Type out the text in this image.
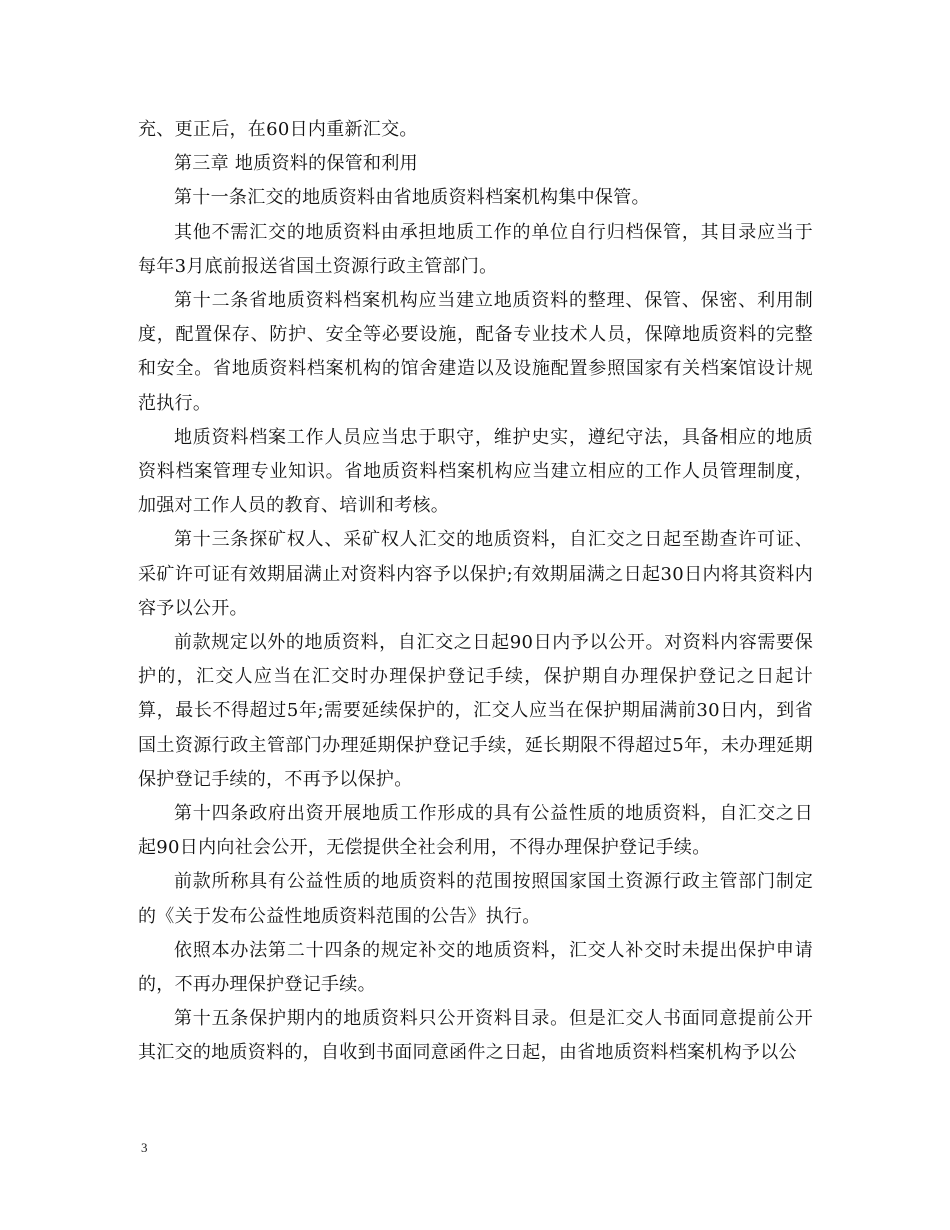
充、更正后，在60日内重新汇交。

第三章 地质资料的保管和利用

第十一条汇交的地质资料由省地质资料档案机构集中保管。

其他不需汇交的地质资料由承担地质工作的单位自行归档保管，其目录应当于每年3月底前报送省国土资源行政主管部门。

第十二条省地质资料档案机构应当建立地质资料的整理、保管、保密、利用制度，配置保存、防护、安全等必要设施，配备专业技术人员，保障地质资料的完整和安全。省地质资料档案机构的馆舍建造以及设施配置参照国家有关档案馆设计规范执行。

地质资料档案工作人员应当忠于职守，维护史实，遵纪守法，具备相应的地质资料档案管理专业知识。省地质资料档案机构应当建立相应的工作人员管理制度，加强对工作人员的教育、培训和考核。

第十三条探矿权人、采矿权人汇交的地质资料，自汇交之日起至勘查许可证、采矿许可证有效期届满止对资料内容予以保护;有效期届满之日起30日内将其资料内容予以公开。

前款规定以外的地质资料，自汇交之日起90日内予以公开。对资料内容需要保护的，汇交人应当在汇交时办理保护登记手续，保护期自办理保护登记之日起计算，最长不得超过5年;需要延续保护的，汇交人应当在保护期届满前30日内，到省国土资源行政主管部门办理延期保护登记手续，延长期限不得超过5年，未办理延期保护登记手续的，不再予以保护。

第十四条政府出资开展地质工作形成的具有公益性质的地质资料，自汇交之日起90日内向社会公开，无偿提供全社会利用，不得办理保护登记手续。

前款所称具有公益性质的地质资料的范围按照国家国土资源行政主管部门制定的《关于发布公益性地质资料范围的公告》执行。

依照本办法第二十四条的规定补交的地质资料，汇交人补交时未提出保护申请的，不再办理保护登记手续。

第十五条保护期内的地质资料只公开资料目录。但是汇交人书面同意提前公开其汇交的地质资料的，自收到书面同意函件之日起，由省地质资料档案机构予以公

3
